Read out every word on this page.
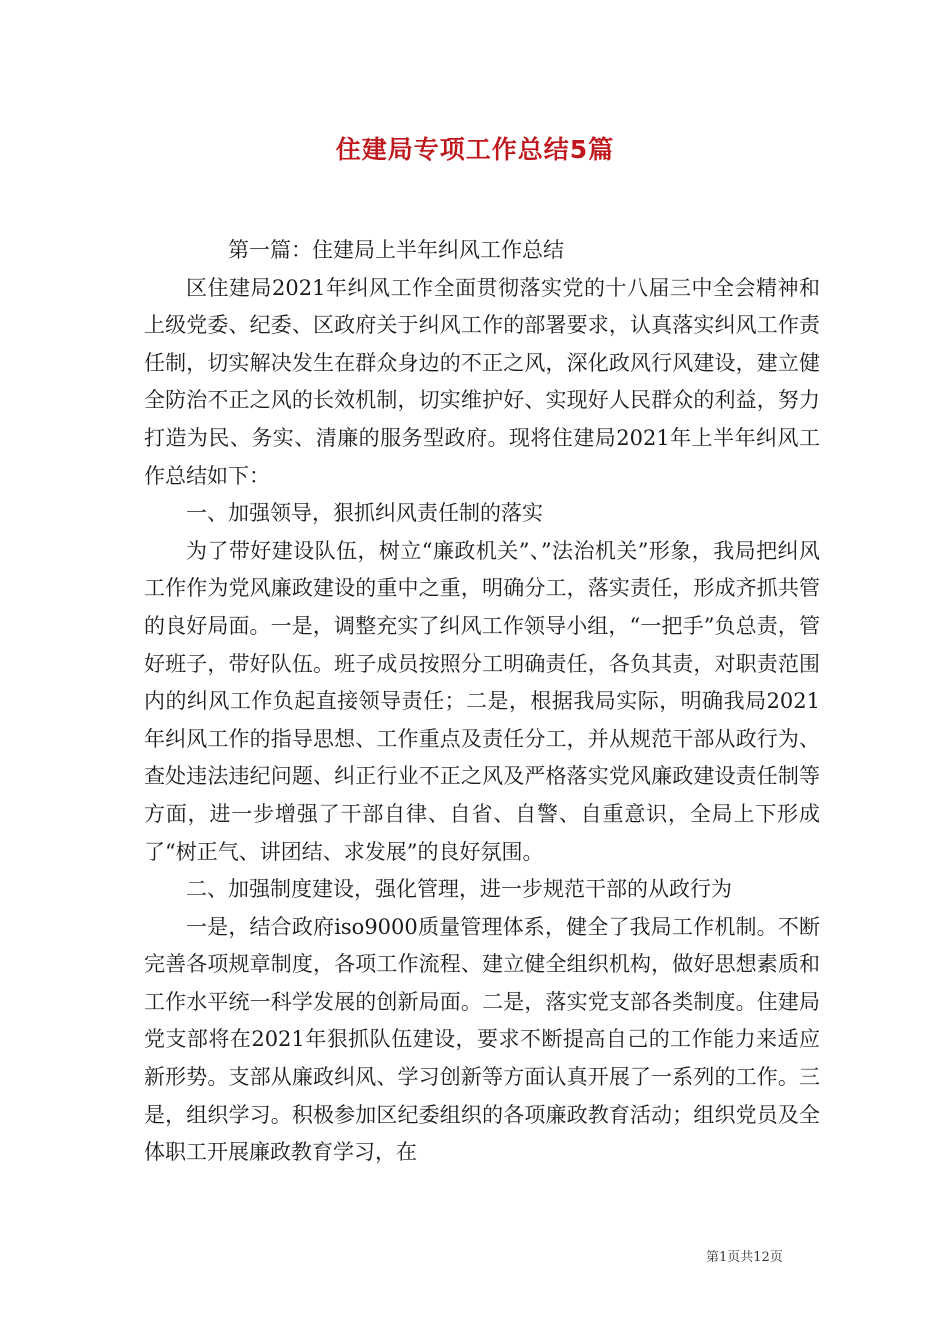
住建局专项工作总结5篇

第一篇：住建局上半年纠风工作总结

区住建局2021年纠风工作全面贯彻落实党的十八届三中全会精神和上级党委、纪委、区政府关于纠风工作的部署要求，认真落实纠风工作责任制，切实解决发生在群众身边的不正之风，深化政风行风建设，建立健全防治不正之风的长效机制，切实维护好、实现好人民群众的利益，努力打造为民、务实、清廉的服务型政府。现将住建局2021年上半年纠风工作总结如下：

一、加强领导，狠抓纠风责任制的落实

为了带好建设队伍，树立“廉政机关”、”法治机关”形象，我局把纠风工作作为党风廉政建设的重中之重，明确分工，落实责任，形成齐抓共管的良好局面。一是，调整充实了纠风工作领导小组，“一把手”负总责，管好班子，带好队伍。班子成员按照分工明确责任，各负其责，对职责范围内的纠风工作负起直接领导责任；二是，根据我局实际，明确我局2021年纠风工作的指导思想、工作重点及责任分工，并从规范干部从政行为、查处违法违纪问题、纠正行业不正之风及严格落实党风廉政建设责任制等方面，进一步增强了干部自律、自省、自警、自重意识，全局上下形成了“树正气、讲团结、求发展”的良好氛围。

二、加强制度建设，强化管理，进一步规范干部的从政行为

一是，结合政府iso9000质量管理体系，健全了我局工作机制。不断完善各项规章制度，各项工作流程、建立健全组织机构，做好思想素质和工作水平统一科学发展的创新局面。二是，落实党支部各类制度。住建局党支部将在2021年狠抓队伍建设，要求不断提高自己的工作能力来适应新形势。支部从廉政纠风、学习创新等方面认真开展了一系列的工作。三是，组织学习。积极参加区纪委组织的各项廉政教育活动；组织党员及全体职工开展廉政教育学习，在

第1页共12页
